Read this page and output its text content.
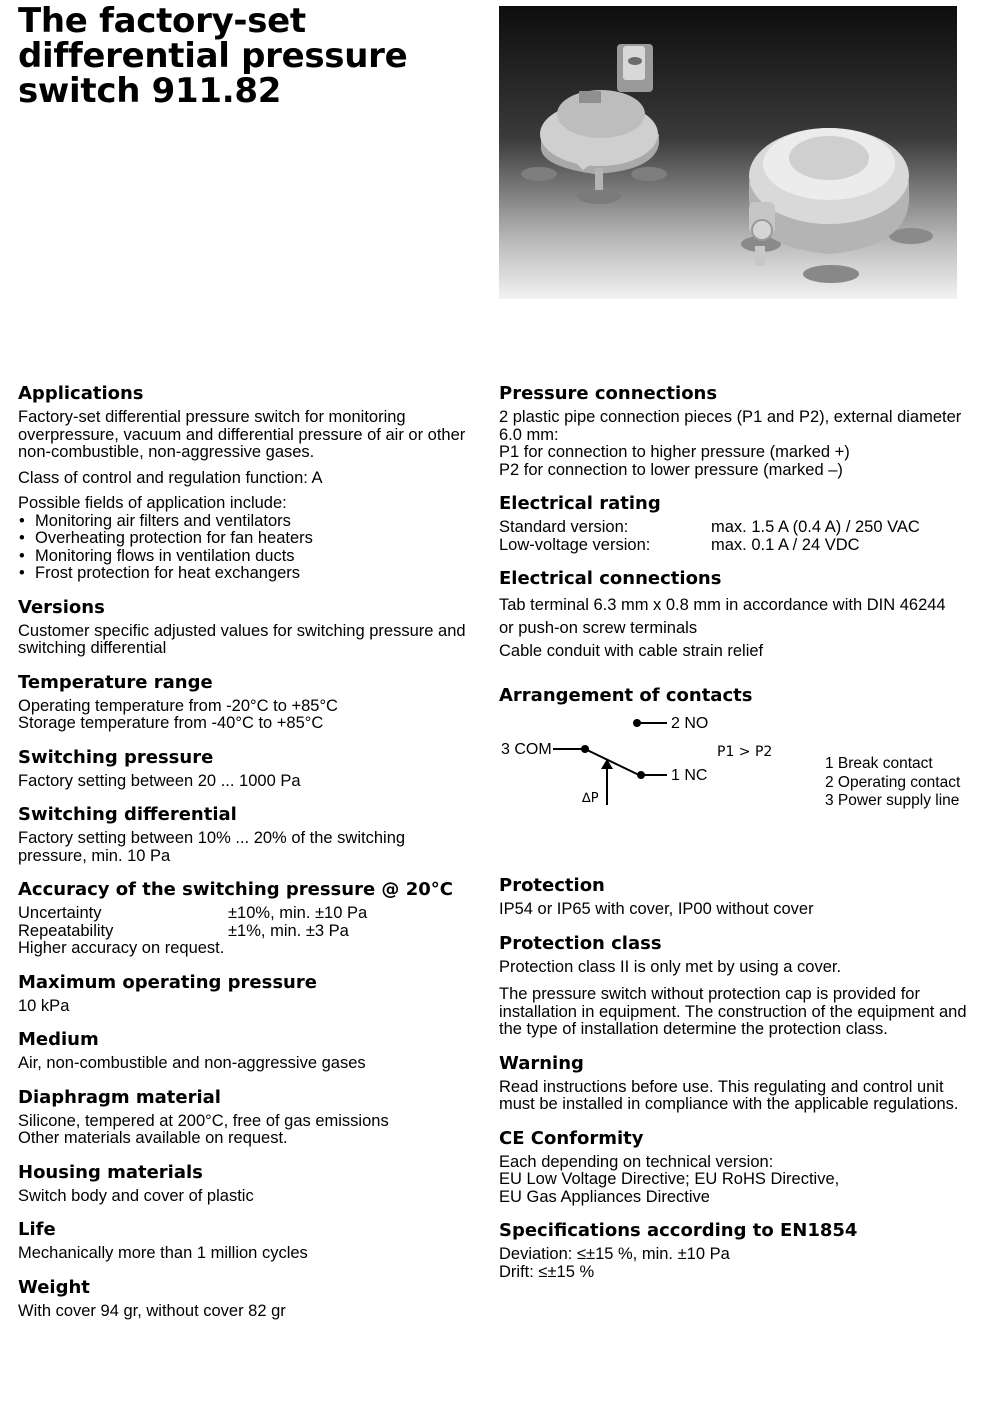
The factory-set differential pressure switch 911.82
Applications

Factory-set differential pressure switch for monitoring overpressure, vacuum and differential pressure of air or other non-combustible, non-aggressive gases.

Class of control and regulation function: A

Possible fields of application include:

• Monitoring air filters and ventilators
• Overheating protection for fan heaters
• Monitoring flows in ventilation ducts
• Frost protection for heat exchangers
Versions

Customer specific adjusted values for switching pressure and switching differential

Temperature range

Operating temperature from -20°C to +85°C

Storage temperature from -40°C to +85°C

Switching pressure

Factory setting between 20 ... 1000 Pa

Switching differential

Factory setting between 10% ... 20% of the switching pressure, min. 10 Pa

Accuracy of the switching pressure @ 20°C
Uncertainty	±10%, min. ±10 Pa
Repeatability	±1%, min. ±3 Pa

Higher accuracy on request.

Maximum operating pressure

10 kPa

Medium

Air, non-combustible and non-aggressive gases

Diaphragm material

Silicone, tempered at 200°C, free of gas emissions

Other materials available on request.

Housing materials

Switch body and cover of plastic

Life

Mechanically more than 1 million cycles

Weight

With cover 94 gr, without cover 82 gr

Pressure connections

2 plastic pipe connection pieces (P1 and P2), external diameter 6.0 mm:

P1 for connection to higher pressure (marked +)

P2 for connection to lower pressure (marked –)

Electrical rating
Standard version:	max. 1.5 A (0.4 A) / 250 VAC
Low-voltage version:	max. 0.1 A / 24 VDC
Electrical connections

Tab terminal 6.3 mm x 0.8 mm in accordance with DIN 46244

or push-on screw terminals

Cable conduit with cable strain relief

Arrangement of contacts
2 NO
3 COM
1 NC
∆P
P1 > P2

1 Break contact

2 Operating contact

3 Power supply line

Protection

IP54 or IP65 with cover, IP00 without cover

Protection class

Protection class II is only met by using a cover.

The pressure switch without protection cap is provided for installation in equipment. The construction of the equipment and the type of installation determine the protection class.

Warning

Read instructions before use. This regulating and control unit must be installed in compliance with the applicable regulations.

CE Conformity

Each depending on technical version:

EU Low Voltage Directive; EU RoHS Directive,

EU Gas Appliances Directive

Specifications according to EN1854

Deviation: ≤±15 %, min. ±10 Pa

Drift: ≤±15 %
